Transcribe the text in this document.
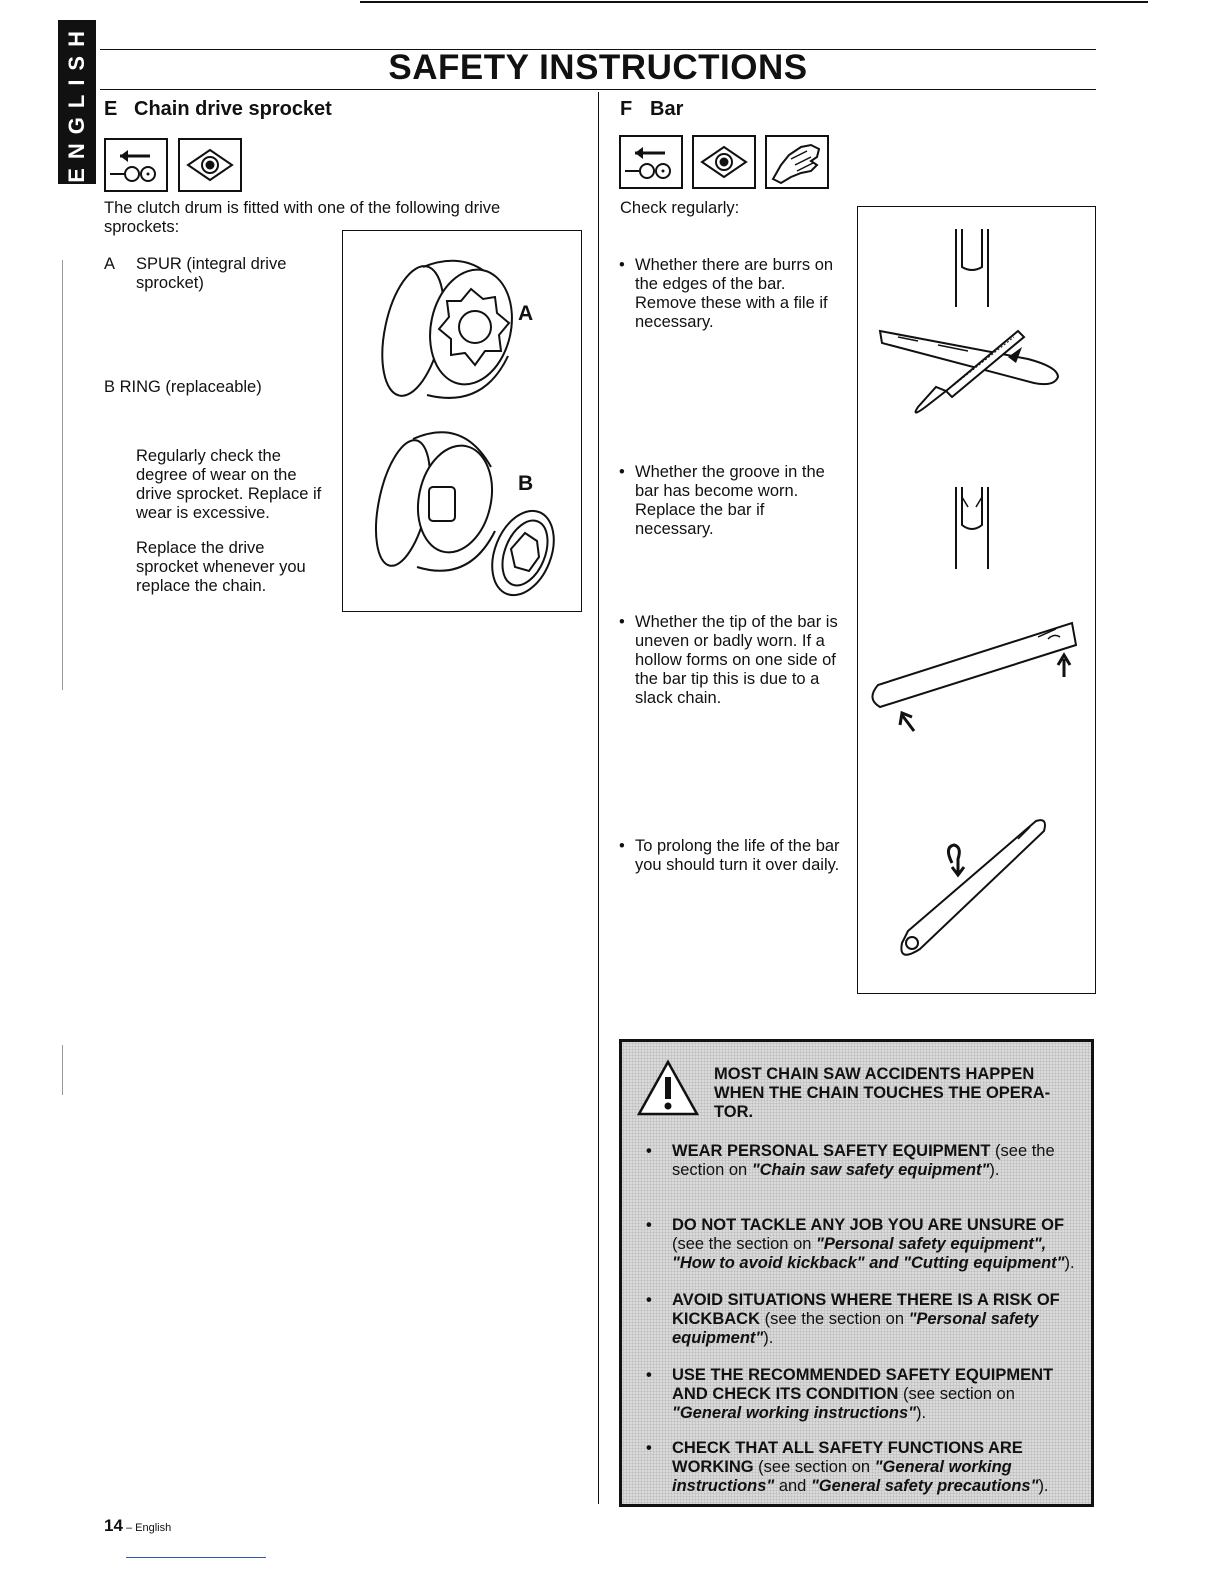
ENGLISH	SAFETY INSTRUCTIONS
E Chain drive sprocket
The clutch drum is fitted with one of the following drive
sprockets:
A SPUR (integral drive
sprocket)
B RING (replaceable)
Regularly check the degree of wear on the drive sprocket. Replace if wear is excessive.
Replace the drive sprocket whenever you replace the chain.
A
B
F Bar
Check regularly:
• Whether there are burrs on the edges of the bar. Remove these with a file if necessary.
• Whether the groove in the bar has become worn. Replace the bar if necessary.
• Whether the tip of the bar is uneven or badly worn. If a hollow forms on one side of the bar tip this is due to a slack chain.
• To prolong the life of the bar you should turn it over daily.
MOST CHAIN SAW ACCIDENTS HAPPEN
WHEN THE CHAIN TOUCHES THE OPERA-
TOR.
• WEAR PERSONAL SAFETY EQUIPMENT (see the section on "Chain saw safety equipment").
• DO NOT TACKLE ANY JOB YOU ARE UNSURE OF (see the section on "Personal safety equipment", "How to avoid kickback" and "Cutting equipment").
• AVOID SITUATIONS WHERE THERE IS A RISK OF KICKBACK (see the section on "Personal safety equipment").
• USE THE RECOMMENDED SAFETY EQUIPMENT AND CHECK ITS CONDITION (see section on "General working instructions").
• CHECK THAT ALL SAFETY FUNCTIONS ARE WORKING (see section on "General working instructions" and "General safety precautions").
14 – English
